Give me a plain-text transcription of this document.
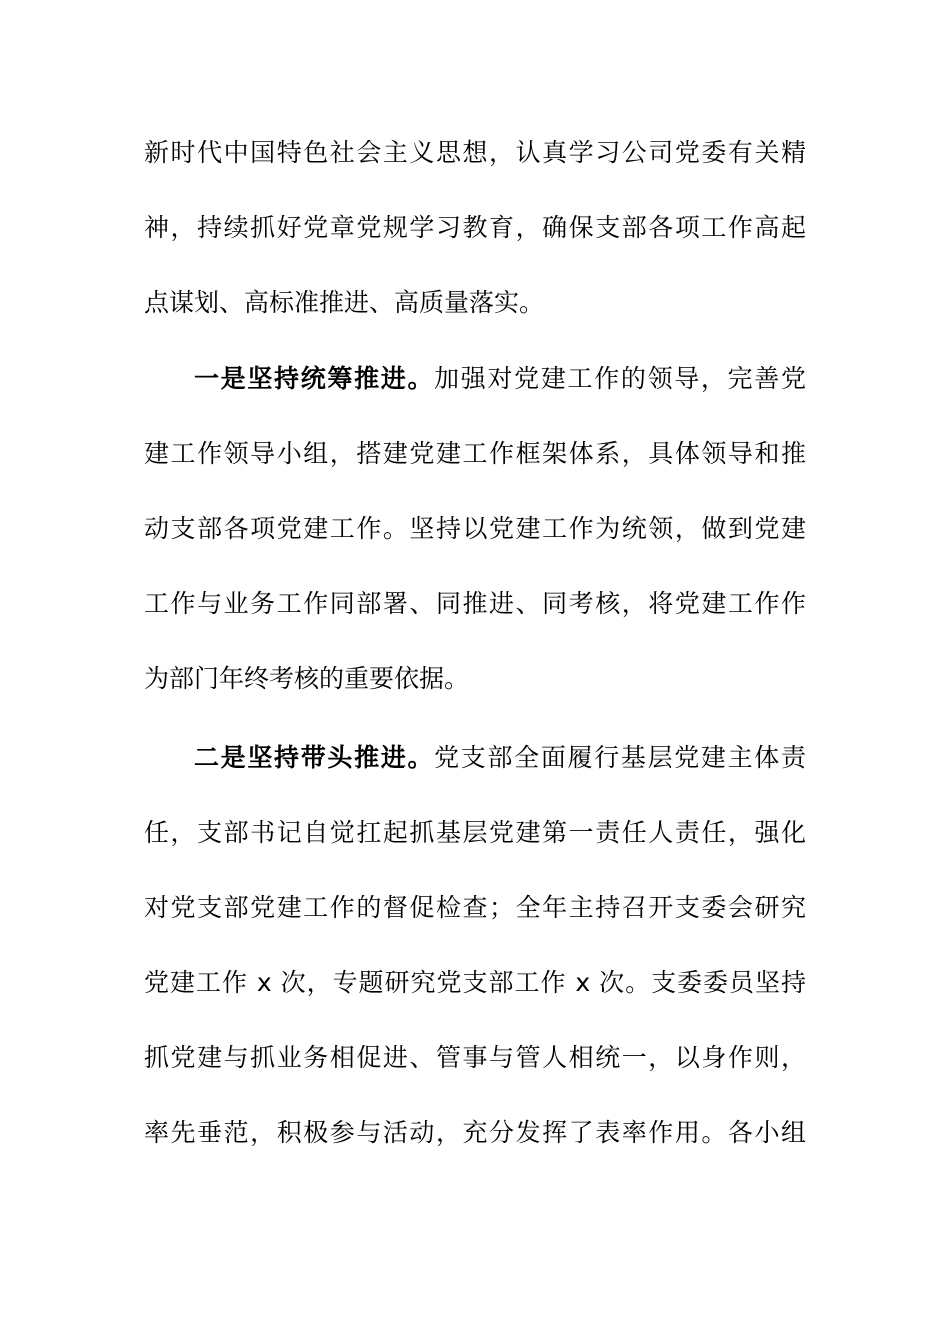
新时代中国特色社会主义思想，认真学习公司党委有关精
神，持续抓好党章党规学习教育，确保支部各项工作高起
点谋划、高标准推进、高质量落实。
一是坚持统筹推进。加强对党建工作的领导，完善党
建工作领导小组，搭建党建工作框架体系，具体领导和推
动支部各项党建工作。坚持以党建工作为统领，做到党建
工作与业务工作同部署、同推进、同考核，将党建工作作
为部门年终考核的重要依据。
二是坚持带头推进。党支部全面履行基层党建主体责
任，支部书记自觉扛起抓基层党建第一责任人责任，强化
对党支部党建工作的督促检查；全年主持召开支委会研究
党建工作 x 次，专题研究党支部工作 x 次。支委委员坚持
抓党建与抓业务相促进、管事与管人相统一，以身作则，
率先垂范，积极参与活动，充分发挥了表率作用。各小组
